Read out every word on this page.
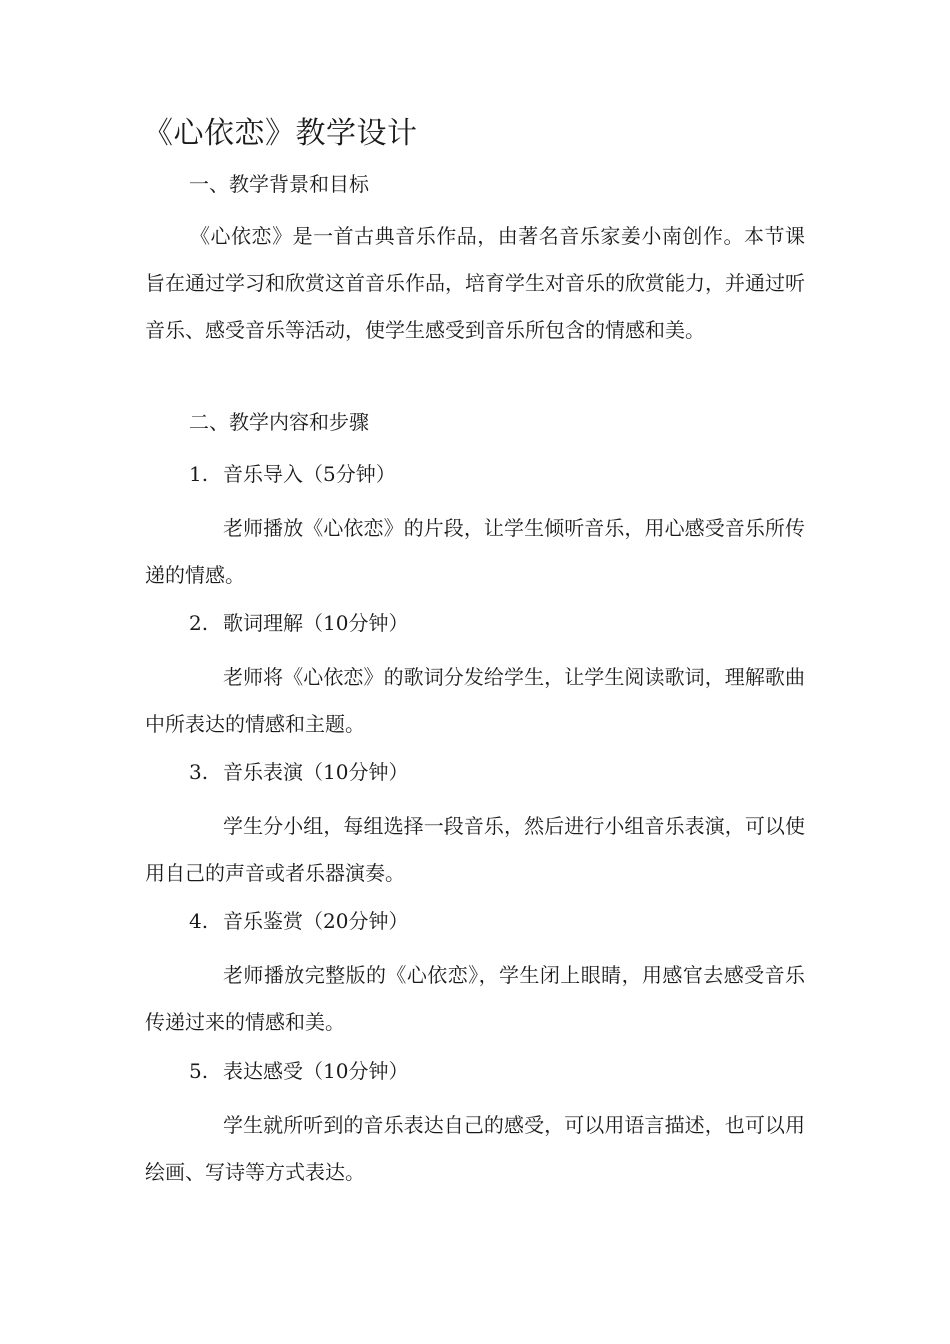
《心依恋》教学设计

一、教学背景和目标

《心依恋》是一首古典音乐作品，由著名音乐家姜小南创作。本节课旨在通过学习和欣赏这首音乐作品，培育学生对音乐的欣赏能力，并通过听音乐、感受音乐等活动，使学生感受到音乐所包含的情感和美。

二、教学内容和步骤

1. 音乐导入（5分钟）

老师播放《心依恋》的片段，让学生倾听音乐，用心感受音乐所传递的情感。

2. 歌词理解（10分钟）

老师将《心依恋》的歌词分发给学生，让学生阅读歌词，理解歌曲中所表达的情感和主题。

3. 音乐表演（10分钟）

学生分小组，每组选择一段音乐，然后进行小组音乐表演，可以使用自己的声音或者乐器演奏。

4. 音乐鉴赏（20分钟）

老师播放完整版的《心依恋》，学生闭上眼睛，用感官去感受音乐传递过来的情感和美。

5. 表达感受（10分钟）

学生就所听到的音乐表达自己的感受，可以用语言描述，也可以用绘画、写诗等方式表达。
